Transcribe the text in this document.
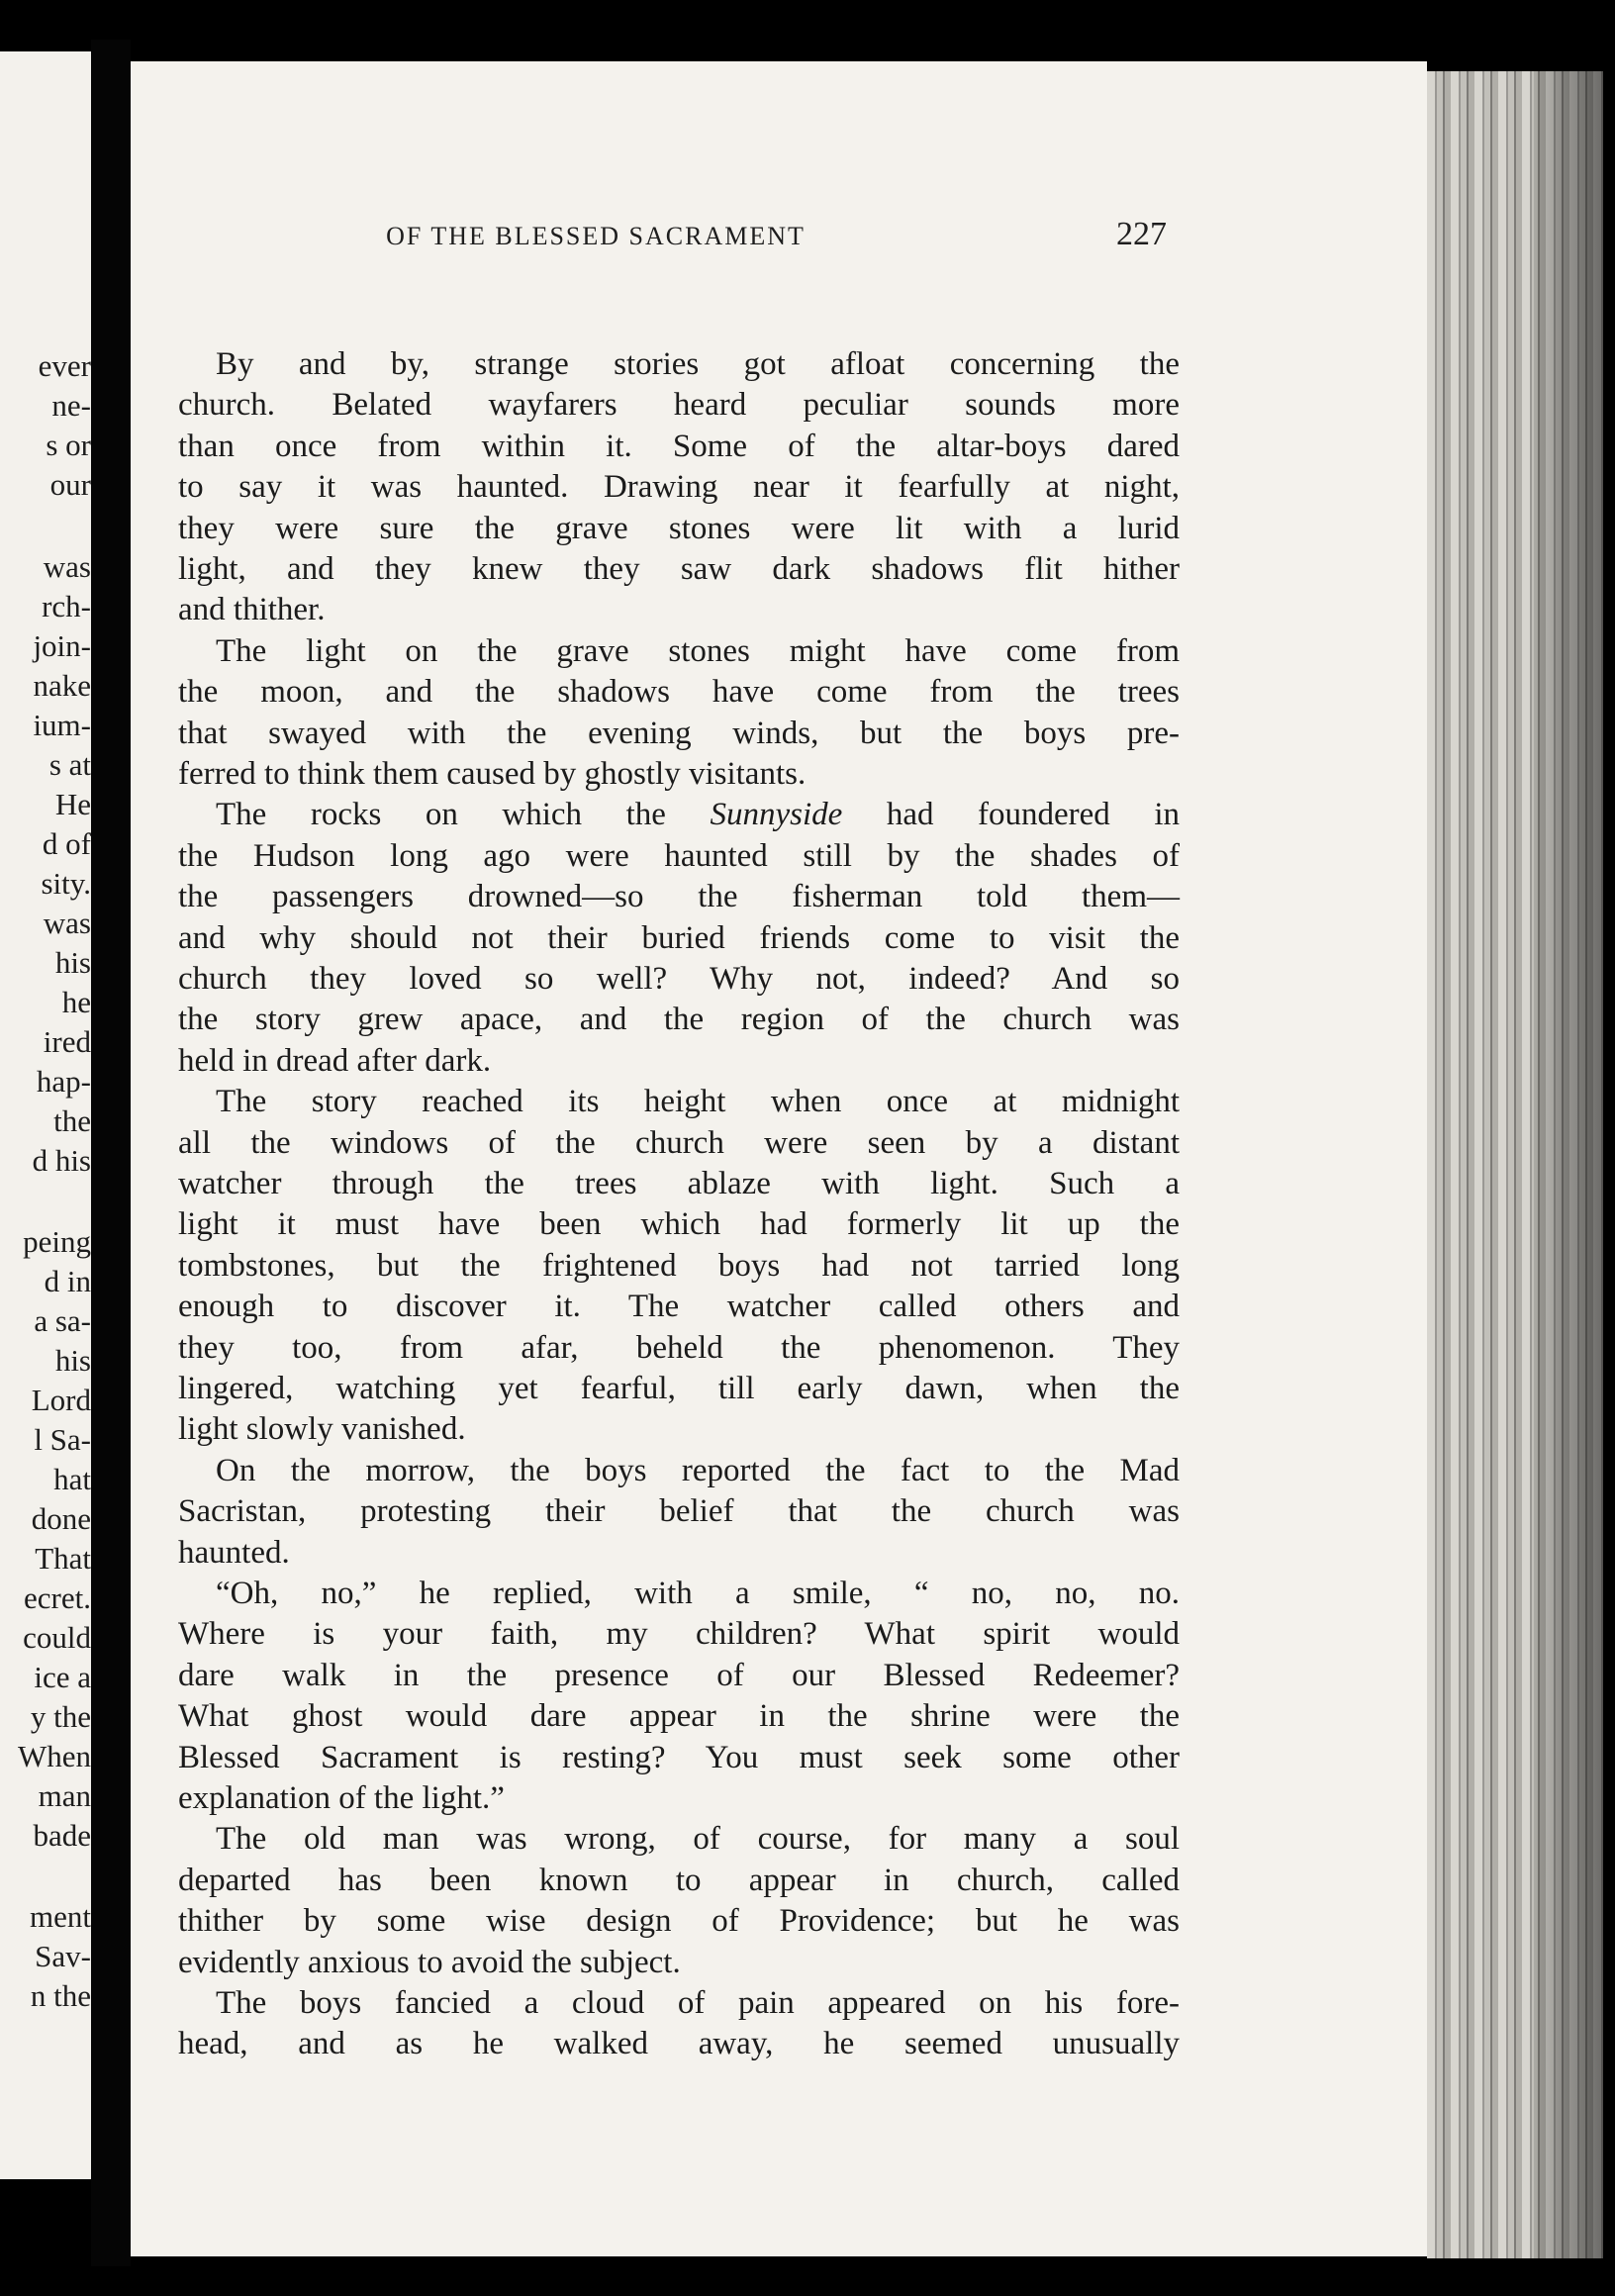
ever
ne-
s or
our
was
rch-
join-
nake
ium-
s at
He
d of
sity.
was
his
he
ired
hap-
the
d his
peing
d in
a sa-
his
Lord
l Sa-
hat
done
That
ecret.
could
ice a
y the
When
man
bade
ment
Sav-
n the
OF THE BLESSED SACRAMENT	227
By and by, strange stories got afloat concerning the
church. Belated wayfarers heard peculiar sounds more
than once from within it. Some of the altar-boys dared
to say it was haunted. Drawing near it fearfully at night,
they were sure the grave stones were lit with a lurid
light, and they knew they saw dark shadows flit hither
and thither.
The light on the grave stones might have come from
the moon, and the shadows have come from the trees
that swayed with the evening winds, but the boys pre-
ferred to think them caused by ghostly visitants.
The rocks on which the Sunnyside had foundered in
the Hudson long ago were haunted still by the shades of
the passengers drowned—so the fisherman told them—
and why should not their buried friends come to visit the
church they loved so well? Why not, indeed? And so
the story grew apace, and the region of the church was
held in dread after dark.
The story reached its height when once at midnight
all the windows of the church were seen by a distant
watcher through the trees ablaze with light. Such a
light it must have been which had formerly lit up the
tombstones, but the frightened boys had not tarried long
enough to discover it. The watcher called others and
they too, from afar, beheld the phenomenon. They
lingered, watching yet fearful, till early dawn, when the
light slowly vanished.
On the morrow, the boys reported the fact to the Mad
Sacristan, protesting their belief that the church was
haunted.
“Oh, no,” he replied, with a smile, “ no, no, no.
Where is your faith, my children? What spirit would
dare walk in the presence of our Blessed Redeemer?
What ghost would dare appear in the shrine were the
Blessed Sacrament is resting? You must seek some other
explanation of the light.”
The old man was wrong, of course, for many a soul
departed has been known to appear in church, called
thither by some wise design of Providence; but he was
evidently anxious to avoid the subject.
The boys fancied a cloud of pain appeared on his fore-
head, and as he walked away, he seemed unusually
